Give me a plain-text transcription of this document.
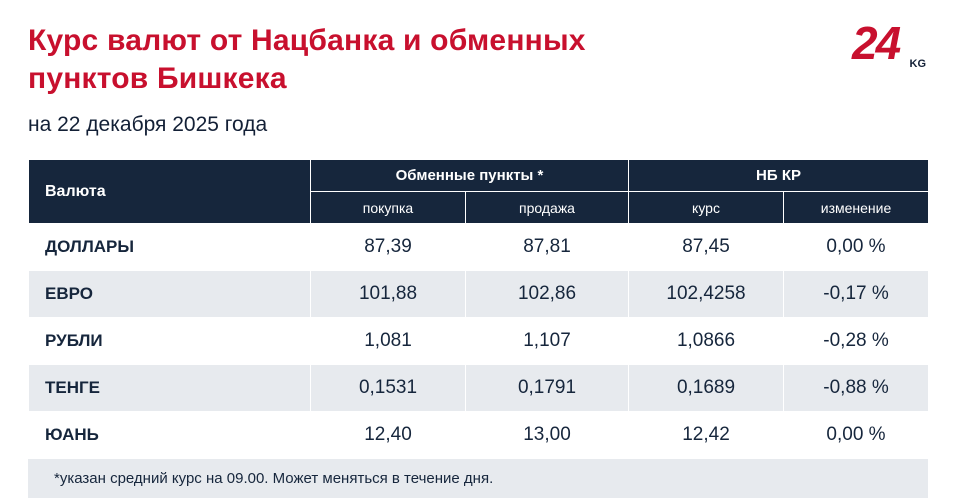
Курс валют от Нацбанка и обменных пунктов Бишкека
на 22 декабря 2025 года
24 KG
Валюта	Обменные пункты *		НБ КР	
	покупка	продажа	курс	изменение
ДОЛЛАРЫ	87,39	87,81	87,45	0,00 %
ЕВРО	101,88	102,86	102,4258	-0,17 %
РУБЛИ	1,081	1,107	1,0866	-0,28 %
ТЕНГЕ	0,1531	0,1791	0,1689	-0,88 %
ЮАНЬ	12,40	13,00	12,42	0,00 %
*указан средний курс на 09.00. Может меняться в течение дня.
